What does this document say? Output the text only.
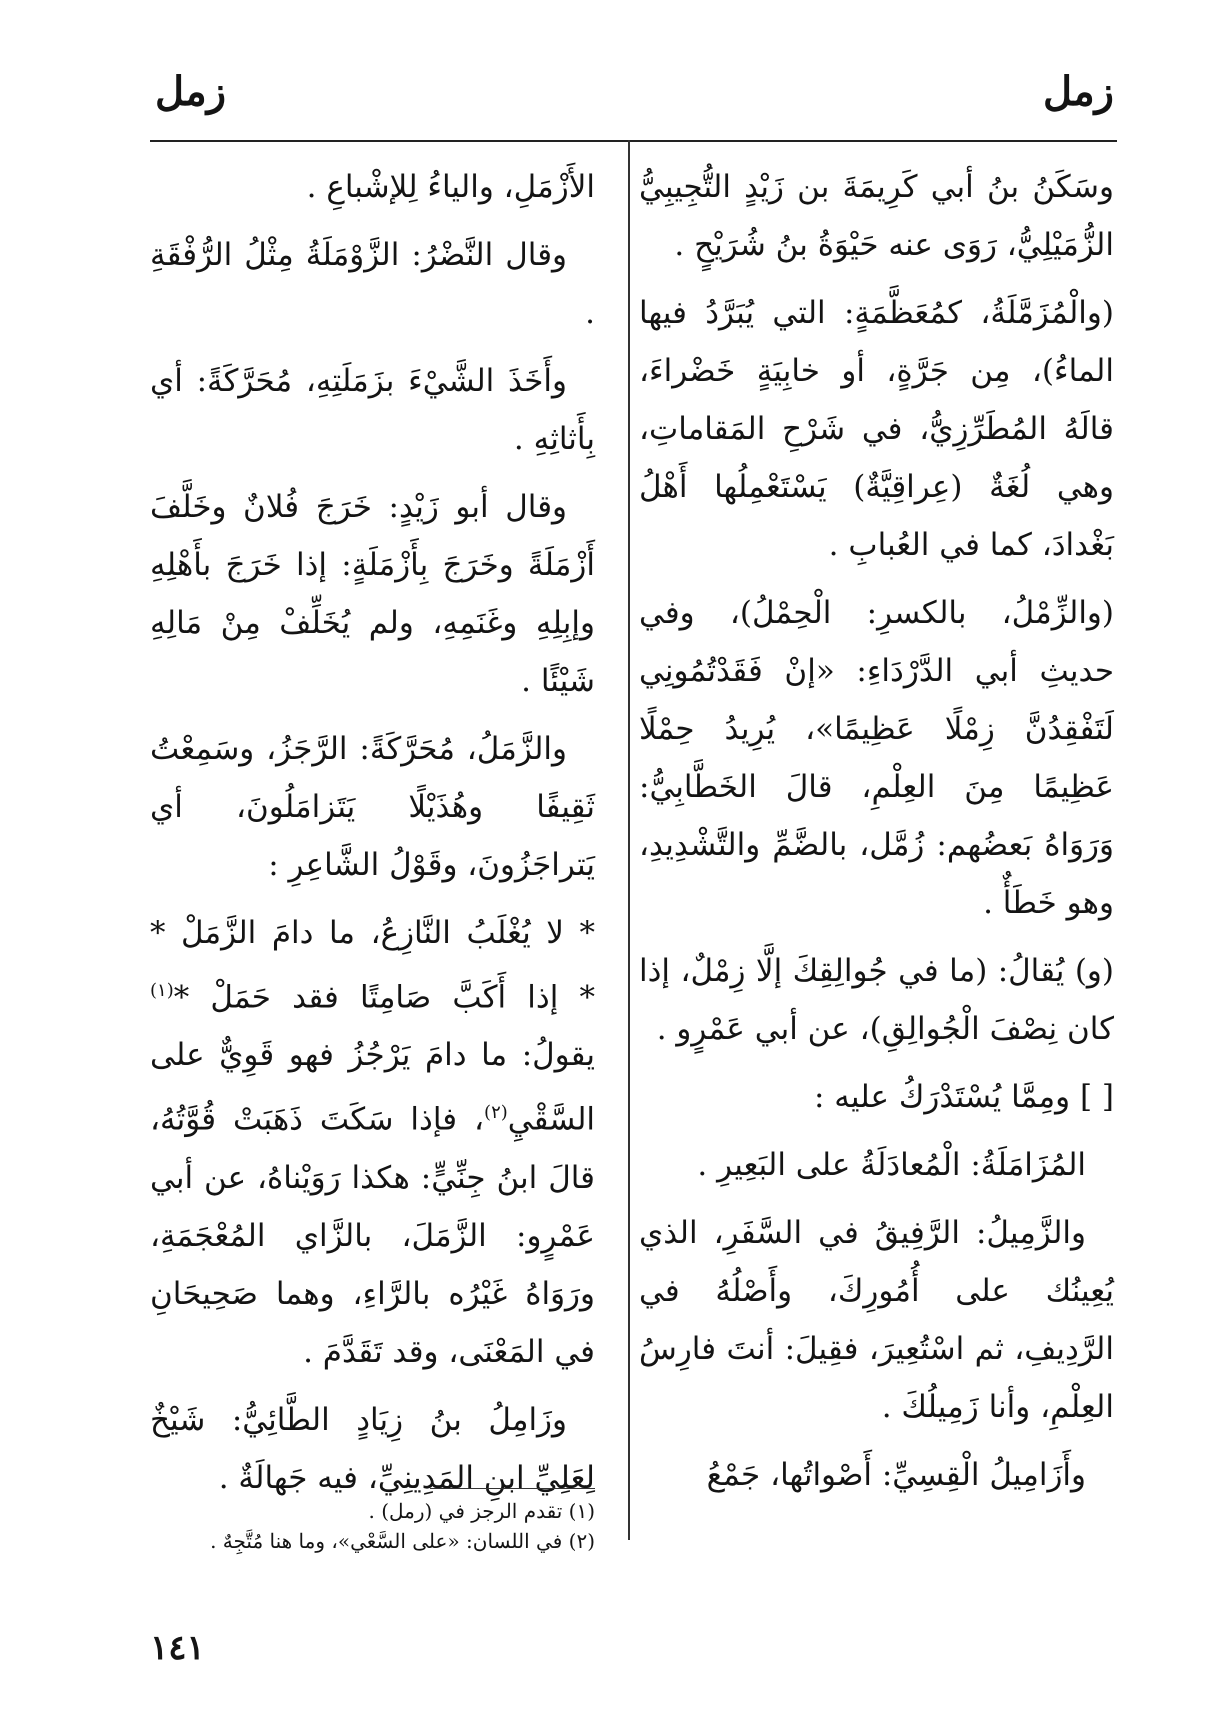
زمل
زمل

وسَكَنُ بنُ أبي كَرِيمَةَ بن زَيْدٍ التُّجِيبِيُّ الزُّمَيْلِيُّ، رَوَى عنه حَيْوَةُ بنُ شُرَيْحٍ .

(والْمُزَمَّلَةُ، كمُعَظَّمَةٍ: التي يُبَرَّدُ فيها الماءُ)، مِن جَرَّةٍ، أو خابِيَةٍ خَضْراءَ، قالَهُ المُطَرِّزِيُّ، في شَرْحِ المَقاماتِ، وهي لُغَةٌ (عِراقِيَّةٌ) يَسْتَعْمِلُها أَهْلُ بَغْدادَ، كما في العُبابِ .

(والزِّمْلُ، بالكسرِ: الْحِمْلُ)، وفي حديثِ أبي الدَّرْدَاءِ: «إنْ فَقَدْتُمُونِي لَتَفْقِدُنَّ زِمْلًا عَظِيمًا»، يُرِيدُ حِمْلًا عَظِيمًا مِنَ العِلْمِ، قالَ الخَطَّابِيُّ: وَرَوَاهُ بَعضُهم: زُمَّل، بالضَّمِّ والتَّشْدِيدِ، وهو خَطَأٌ .

(و) يُقالُ: (ما في جُوالِقِكَ إلَّا زِمْلٌ، إذا كان نِصْفَ الْجُوالِقِ)، عن أبي عَمْرٍو .

[ ] ومِمَّا يُسْتَدْرَكُ عليه :

المُزَامَلَةُ: الْمُعادَلَةُ على البَعِيرِ .

والزَّمِيلُ: الرَّفِيقُ في السَّفَرِ، الذي يُعِينُك على أُمُورِكَ، وأَصْلُهُ في الرَّدِيفِ، ثم اسْتُعِيرَ، فقِيلَ: أنتَ فارِسُ العِلْمِ، وأنا زَمِيلُكَ .

وأَزَامِيلُ الْقِسِيِّ: أَصْواتُها، جَمْعُ

الأَزْمَلِ، والياءُ لِلإشْباعِ .

وقال النَّضْرُ: الزَّوْمَلَةُ مِثْلُ الرُّفْقَةِ .

وأَخَذَ الشَّيْءَ بزَمَلَتِهِ، مُحَرَّكَةً: أي بِأَثاثِهِ .

وقال أبو زَيْدٍ: خَرَجَ فُلانٌ وخَلَّفَ أَزْمَلَةً وخَرَجَ بِأَزْمَلَةٍ: إذا خَرَجَ بأَهْلِهِ وإبِلِهِ وغَنَمِهِ، ولم يُخَلِّفْ مِنْ مَالِهِ شَيْئًا .

والزَّمَلُ، مُحَرَّكَةً: الرَّجَزُ، وسَمِعْتُ ثَقِيفًا وهُذَيْلًا يَتَزامَلُونَ، أي يَتراجَزُونَ، وقَوْلُ الشَّاعِرِ :

* لا يُغْلَبُ النَّازِعُ، ما دامَ الزَّمَلْ *

* إذا أَكَبَّ صَامِتًا فقد حَمَلْ *$^{(١)}$

يقولُ: ما دامَ يَرْجُزُ فهو قَوِيٌّ على السَّقْيِ$^{(٢)}$، فإذا سَكَتَ ذَهَبَتْ قُوَّتُهُ، قالَ ابنُ جِنِّيٍّ: هكذا رَوَيْناهُ، عن أبي عَمْرٍو: الزَّمَلَ، بالزَّاي المُعْجَمَةِ، ورَوَاهُ غَيْرُه بالرَّاءِ، وهما صَحِيحَانِ في المَعْنَى، وقد تَقَدَّمَ .

وزَامِلُ بنُ زِيَادٍ الطَّائِيُّ: شَيْخٌ لِعَلِيِّ ابنِ المَدِينِيِّ، فيه جَهالَةٌ .

(١) تقدم الرجز في (رمل) .

(٢) في اللسان: «على السَّعْي»، وما هنا مُتَّجِهٌ .

١٤١
